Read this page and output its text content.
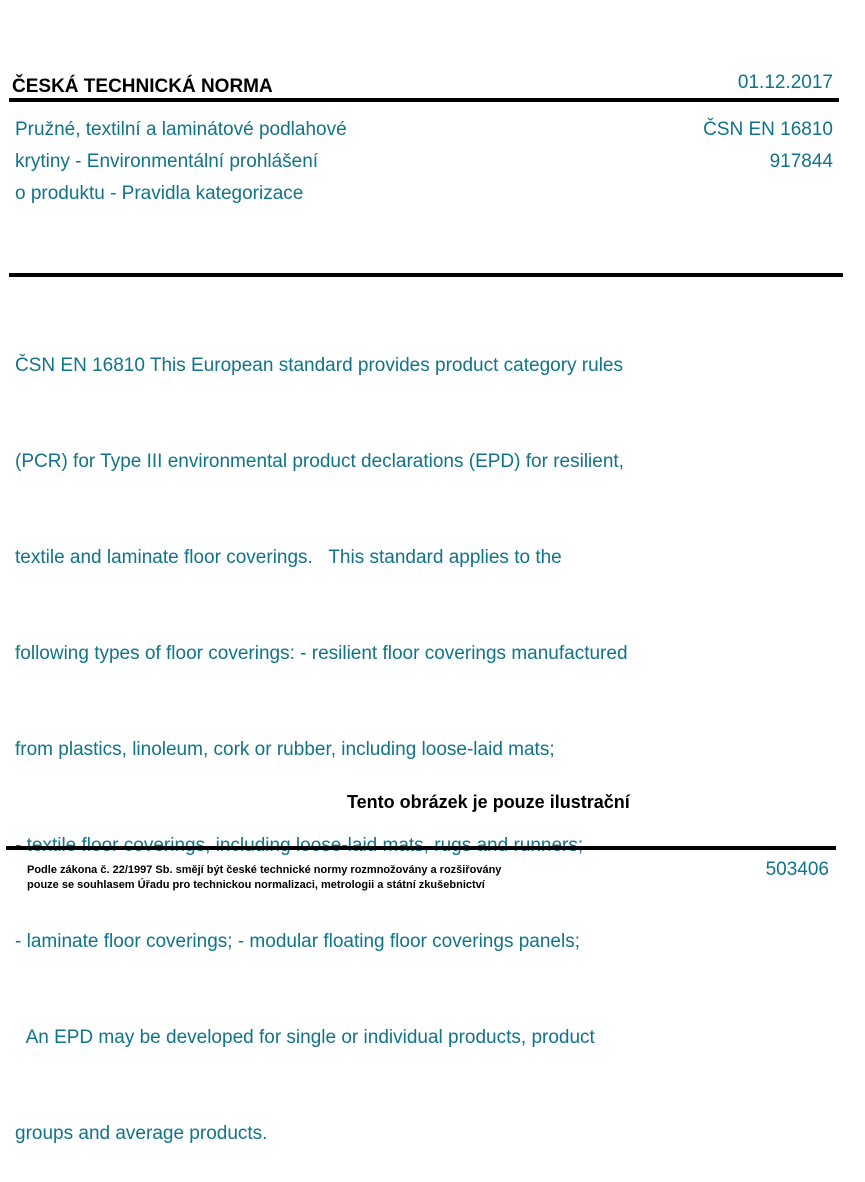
ČESKÁ TECHNICKÁ NORMA	01.12.2017
Pružné, textilní a laminátové podlahové
krytiny - Environmentální prohlášení
o produktu - Pravidla kategorizace
ČSN EN 16810
917844

ČSN EN 16810 This European standard provides product category rules

(PCR) for Type III environmental product declarations (EPD) for resilient,

textile and laminate floor coverings.   This standard applies to the

following types of floor coverings: - resilient floor coverings manufactured

from plastics, linoleum, cork or rubber, including loose-laid mats;

- laminate floor coverings; - modular floating floor coverings panels;

An EPD may be developed for single or individual products, product

groups and average products.

Tento obrázek je pouze ilustrační
Podle zákona č. 22/1997 Sb. smějí být české technické normy rozmnožovány a rozšiřovány
pouze se souhlasem Úřadu pro technickou normalizaci, metrologii a státní zkušebnictví
503406
